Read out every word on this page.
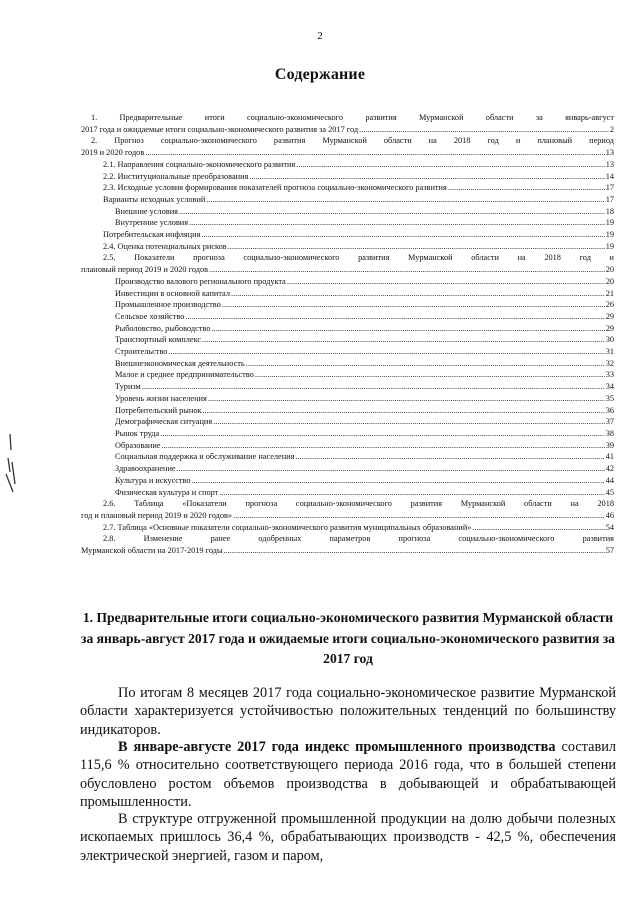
2
Содержание
1. Предварительные итоги социально-экономического развития Мурманской области за январь-август
2017 года и ожидаемые итоги социально-экономического развития за 2017 год .....	2
2. Прогноз социально-экономического развития Мурманской области на 2018 год и плановый период
2019 и 2020 годов .....	13
2.1. Направления социально-экономического развития .....	13
2.2. Институциональные преобразования .....	14
2.3. Исходные условия формирования показателей прогноза социально-экономического развития .....	17
Варианты исходных условий .....	17
Внешние условия .....	18
Внутренние условия .....	19
Потребительская инфляция .....	19
2.4. Оценка потенциальных рисков .....	19
2.5. Показатели прогноза социально-экономического развития Мурманской области на 2018 год и
плановый период 2019 и 2020 годов .....	20
Производство валового регионального продукта .....	20
Инвестиции в основной капитал .....	21
Промышленное производство .....	26
Сельское хозяйство .....	29
Рыболовство, рыбоводство .....	29
Транспортный комплекс .....	30
Строительство .....	31
Внешнеэкономическая деятельность .....	32
Малое и среднее предпринимательство .....	33
Туризм .....	34
Уровень жизни населения .....	35
Потребительский рынок .....	36
Демографическая ситуация .....	37
Рынок труда .....	38
Образование .....	39
Социальная поддержка и обслуживание населения .....	41
Здравоохранение .....	42
Культура и искусство .....	44
Физическая культура и спорт .....	45
2.6. Таблица «Показатели прогноза социально-экономического развития Мурманской области на 2018
год и плановый период 2019 и 2020 годов» .....	46
2.7. Таблица «Основные показатели социально-экономического развития муниципальных образований» .....	54
2.8. Изменение ранее одобренных параметров прогноза социально-экономического развития
Мурманской области на 2017-2019 годы .....	57
1. Предварительные итоги социально-экономического развития Мурманской области за январь-август 2017 года и ожидаемые итоги социально-экономического развития за 2017 год
По итогам 8 месяцев 2017 года социально-экономическое развитие Мурманской области характеризуется устойчивостью положительных тенденций по большинству индикаторов.
В январе-августе 2017 года индекс промышленного производства составил 115,6 % относительно соответствующего периода 2016 года, что в большей степени обусловлено ростом объемов производства в добывающей и обрабатывающей промышленности.
В структуре отгруженной промышленной продукции на долю добычи полезных ископаемых пришлось 36,4 %, обрабатывающих производств - 42,5 %, обеспечения электрической энергией, газом и паром,
